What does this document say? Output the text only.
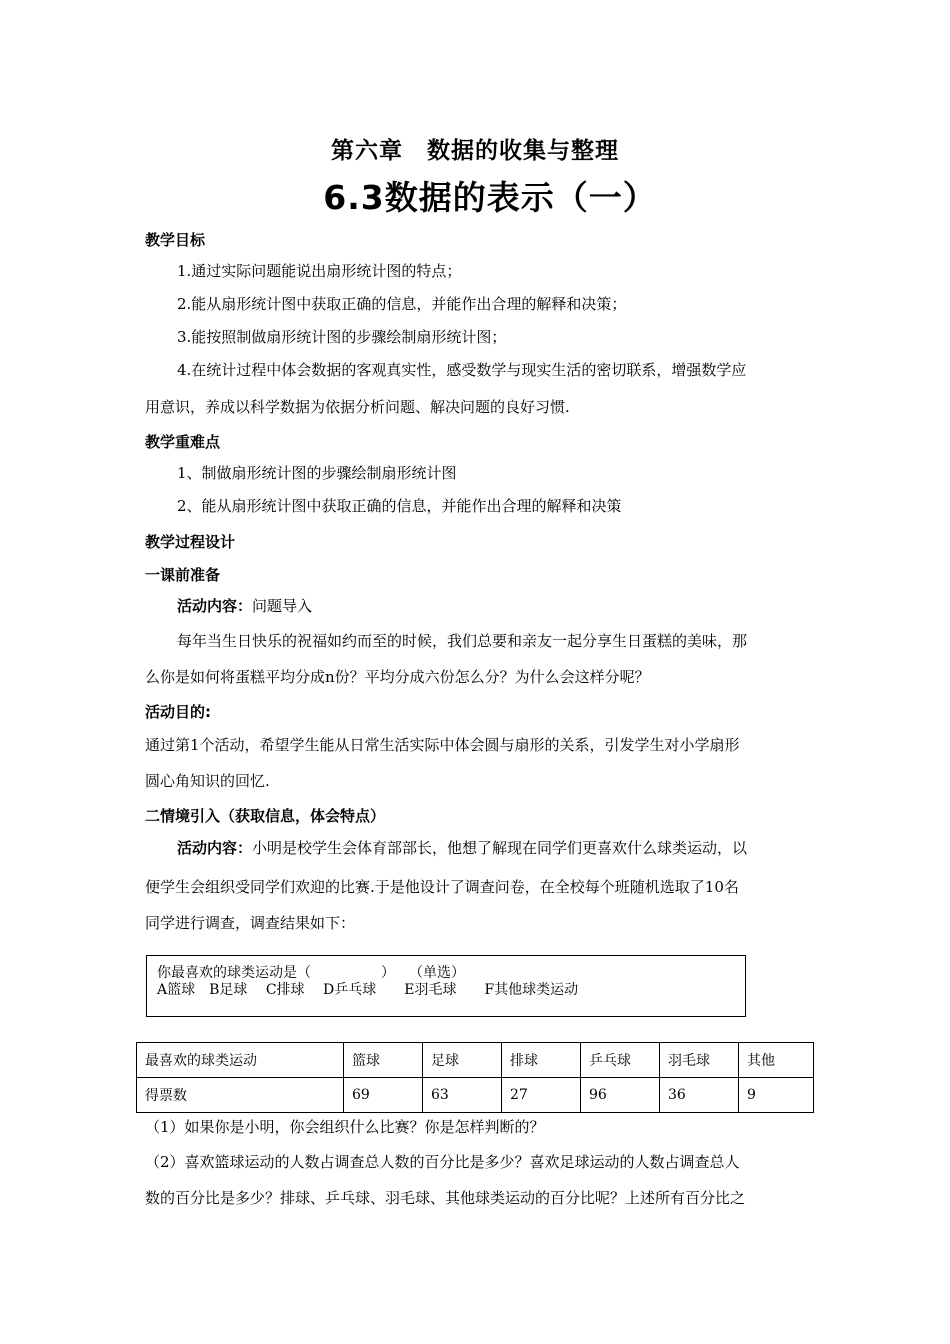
第六章　数据的收集与整理
6.3数据的表示（一）
教学目标
1.通过实际问题能说出扇形统计图的特点；
2.能从扇形统计图中获取正确的信息，并能作出合理的解释和决策；
3.能按照制做扇形统计图的步骤绘制扇形统计图；
4.在统计过程中体会数据的客观真实性，感受数学与现实生活的密切联系，增强数学应
用意识，养成以科学数据为依据分析问题、解决问题的良好习惯.
教学重难点
1、制做扇形统计图的步骤绘制扇形统计图
2、能从扇形统计图中获取正确的信息，并能作出合理的解释和决策
教学过程设计
一课前准备
活动内容：问题导入
每年当生日快乐的祝福如约而至的时候，我们总要和亲友一起分享生日蛋糕的美味，那
么你是如何将蛋糕平均分成n份？平均分成六份怎么分？为什么会这样分呢？
活动目的:
通过第1个活动，希望学生能从日常生活实际中体会圆与扇形的关系，引发学生对小学扇形
圆心角知识的回忆.
二情境引入（获取信息，体会特点）
活动内容：小明是校学生会体育部部长，他想了解现在同学们更喜欢什么球类运动，以
便学生会组织受同学们欢迎的比赛.于是他设计了调查问卷，在全校每个班随机选取了10名
同学进行调查，调查结果如下：
你最喜欢的球类运动是（　　　　　）　　（单选）
A篮球　B足球　 C排球　 D乒乓球　　E羽毛球　　F其他球类运动
最喜欢的球类运动	篮球	足球	排球	乒乓球	羽毛球	其他
得票数	69	63	27	96	36	9
（1）如果你是小明，你会组织什么比赛？你是怎样判断的？
（2）喜欢篮球运动的人数占调查总人数的百分比是多少？喜欢足球运动的人数占调查总人
数的百分比是多少？排球、乒乓球、羽毛球、其他球类运动的百分比呢？上述所有百分比之
